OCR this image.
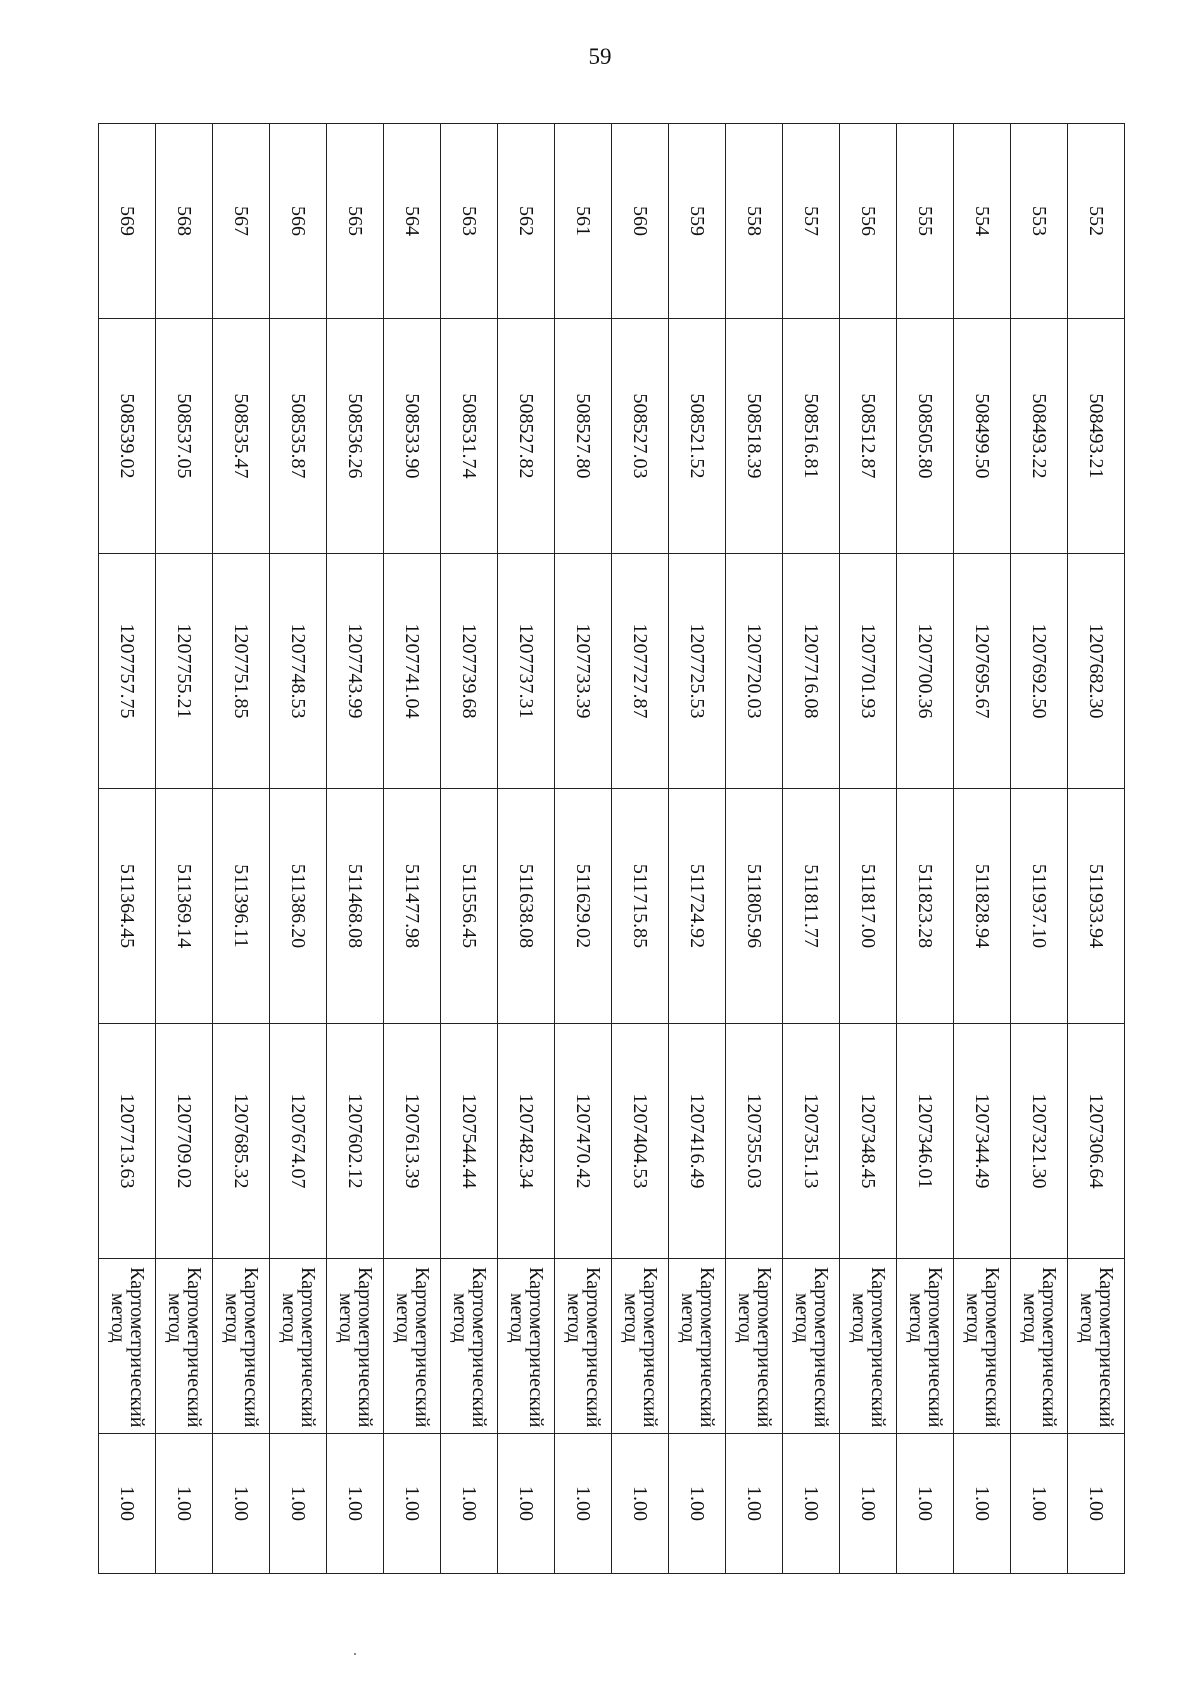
59
552	508493.21	1207682.30	511933.94	1207306.64	Картометрический
метод	1.00	
553	508493.22	1207692.50	511937.10	1207321.30	Картометрический
метод	1.00	
554	508499.50	1207695.67	511828.94	1207344.49	Картометрический
метод	1.00	
555	508505.80	1207700.36	511823.28	1207346.01	Картометрический
метод	1.00	
556	508512.87	1207701.93	511817.00	1207348.45	Картометрический
метод	1.00	
557	508516.81	1207716.08	511811.77	1207351.13	Картометрический
метод	1.00	
558	508518.39	1207720.03	511805.96	1207355.03	Картометрический
метод	1.00	
559	508521.52	1207725.53	511724.92	1207416.49	Картометрический
метод	1.00	
560	508527.03	1207727.87	511715.85	1207404.53	Картометрический
метод	1.00	
561	508527.80	1207733.39	511629.02	1207470.42	Картометрический
метод	1.00	
562	508527.82	1207737.31	511638.08	1207482.34	Картометрический
метод	1.00	
563	508531.74	1207739.68	511556.45	1207544.44	Картометрический
метод	1.00	
564	508533.90	1207741.04	511477.98	1207613.39	Картометрический
метод	1.00	
565	508536.26	1207743.99	511468.08	1207602.12	Картометрический
метод	1.00	
566	508535.87	1207748.53	511386.20	1207674.07	Картометрический
метод	1.00	
567	508535.47	1207751.85	511396.11	1207685.32	Картометрический
метод	1.00	
568	508537.05	1207755.21	511369.14	1207709.02	Картометрический
метод	1.00	
569	508539.02	1207757.75	511364.45	1207713.63	Картометрический
метод	1.00	
